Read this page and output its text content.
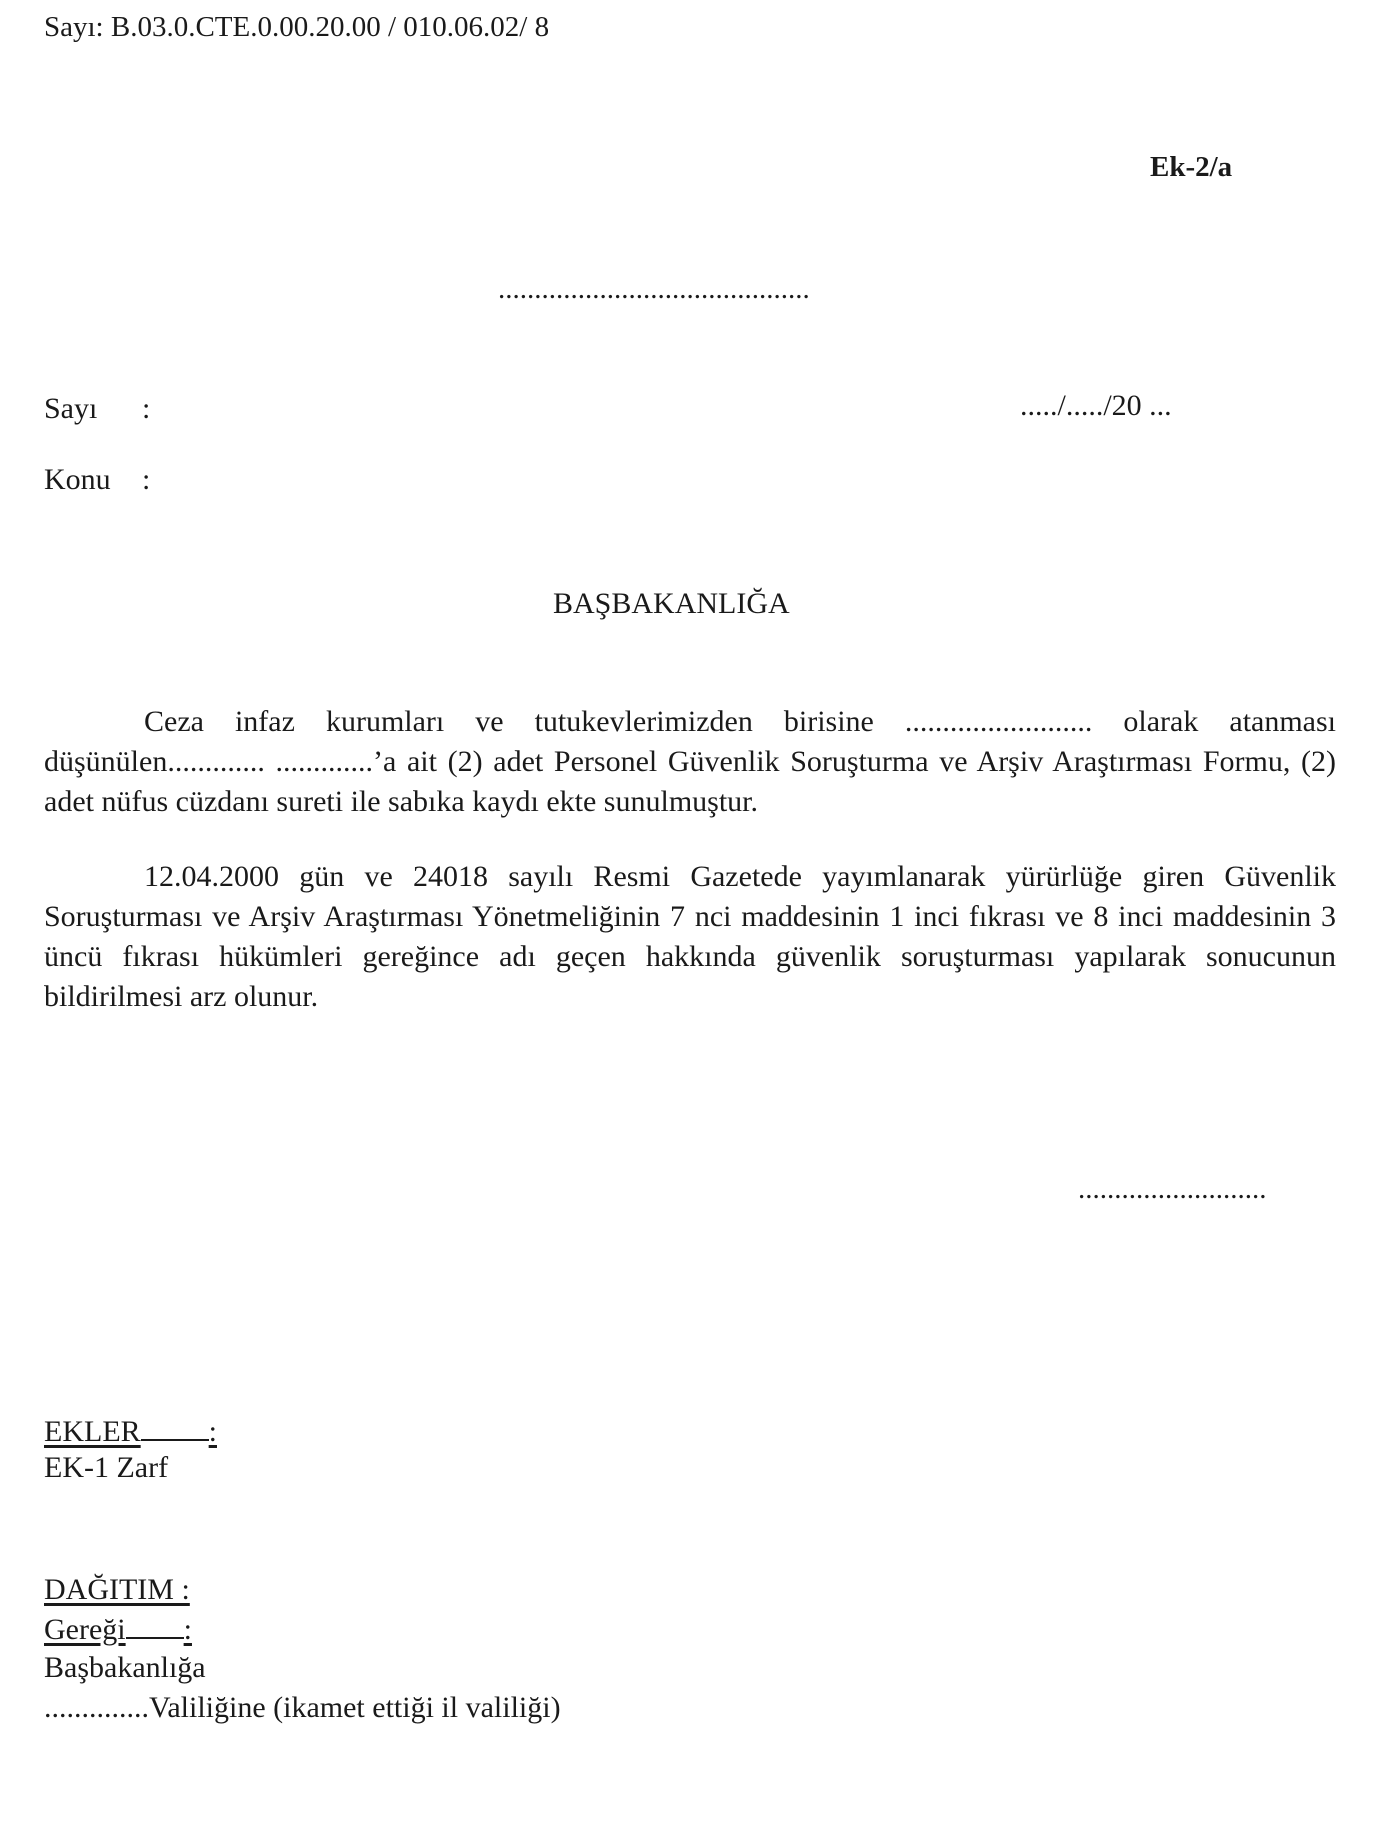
Sayı: B.03.0.CTE.0.00.20.00 / 010.06.02/ 8
Ek-2/a
...........................................
Sayı :	...../...../20 ...
Konu :
BAŞBAKANLIĞA
Ceza infaz kurumları ve tutukevlerimizden birisine ......................... olarak atanması düşünülen............. .............’a ait (2) adet Personel Güvenlik Soruşturma ve Arşiv Araştırması Formu, (2) adet nüfus cüzdanı sureti ile sabıka kaydı ekte sunulmuştur.
12.04.2000 gün ve 24018 sayılı Resmi Gazetede yayımlanarak yürürlüğe giren Güvenlik Soruşturması ve Arşiv Araştırması Yönetmeliğinin 7 nci maddesinin 1 inci fıkrası ve 8 inci maddesinin 3 üncü fıkrası hükümleri gereğince adı geçen hakkında güvenlik soruşturması yapılarak sonucunun bildirilmesi arz olunur.
..........................
EKLER :
EK-1 Zarf
DAĞITIM :
Gereği :
Başbakanlığa
..............Valiliğine (ikamet ettiği il valiliği)
